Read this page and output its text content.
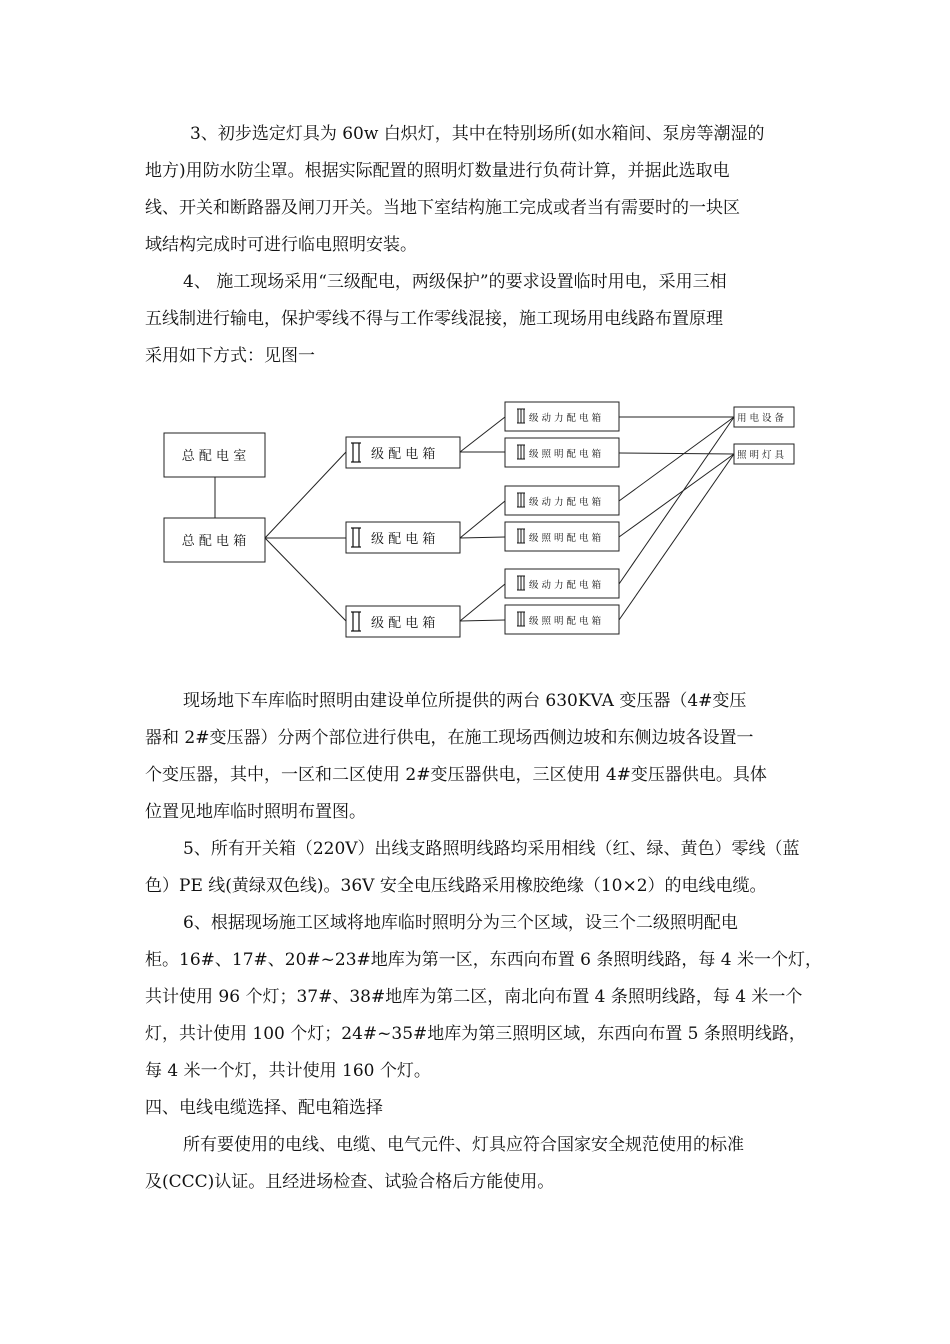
3、初步选定灯具为 60w 白炽灯，其中在特别场所(如水箱间、泵房等潮湿的
地方)用防水防尘罩。根据实际配置的照明灯数量进行负荷计算，并据此选取电
线、开关和断路器及闸刀开关。当地下室结构施工完成或者当有需要时的一块区
域结构完成时可进行临电照明安装。
4、 施工现场采用“三级配电，两级保护”的要求设置临时用电，采用三相
五线制进行输电，保护零线不得与工作零线混接，施工现场用电线路布置原理
采用如下方式：见图一
总 配 电 室
总 配 电 箱
级 配 电 箱
级 配 电 箱
级 配 电 箱
级 动 力 配 电 箱
级 照 明 配 电 箱
级 动 力 配 电 箱
级 照 明 配 电 箱
级 动 力 配 电 箱
级 照 明 配 电 箱
用 电 设 备
照 明 灯 具
现场地下车库临时照明由建设单位所提供的两台 630KVA 变压器（4#变压
器和 2#变压器）分两个部位进行供电，在施工现场西侧边坡和东侧边坡各设置一
个变压器，其中，一区和二区使用 2#变压器供电，三区使用 4#变压器供电。具体
位置见地库临时照明布置图。
5、所有开关箱（220V）出线支路照明线路均采用相线（红、绿、黄色）零线（蓝
色）PE 线(黄绿双色线)。36V 安全电压线路采用橡胶绝缘（10×2）的电线电缆。
6、根据现场施工区域将地库临时照明分为三个区域，设三个二级照明配电
柜。16#、17#、20#~23#地库为第一区，东西向布置 6 条照明线路，每 4 米一个灯，
共计使用 96 个灯；37#、38#地库为第二区，南北向布置 4 条照明线路，每 4 米一个
灯，共计使用 100 个灯；24#~35#地库为第三照明区域，东西向布置 5 条照明线路，
每 4 米一个灯，共计使用 160 个灯。
四、电线电缆选择、配电箱选择
所有要使用的电线、电缆、电气元件、灯具应符合国家安全规范使用的标准
及(CCC)认证。且经进场检查、试验合格后方能使用。
